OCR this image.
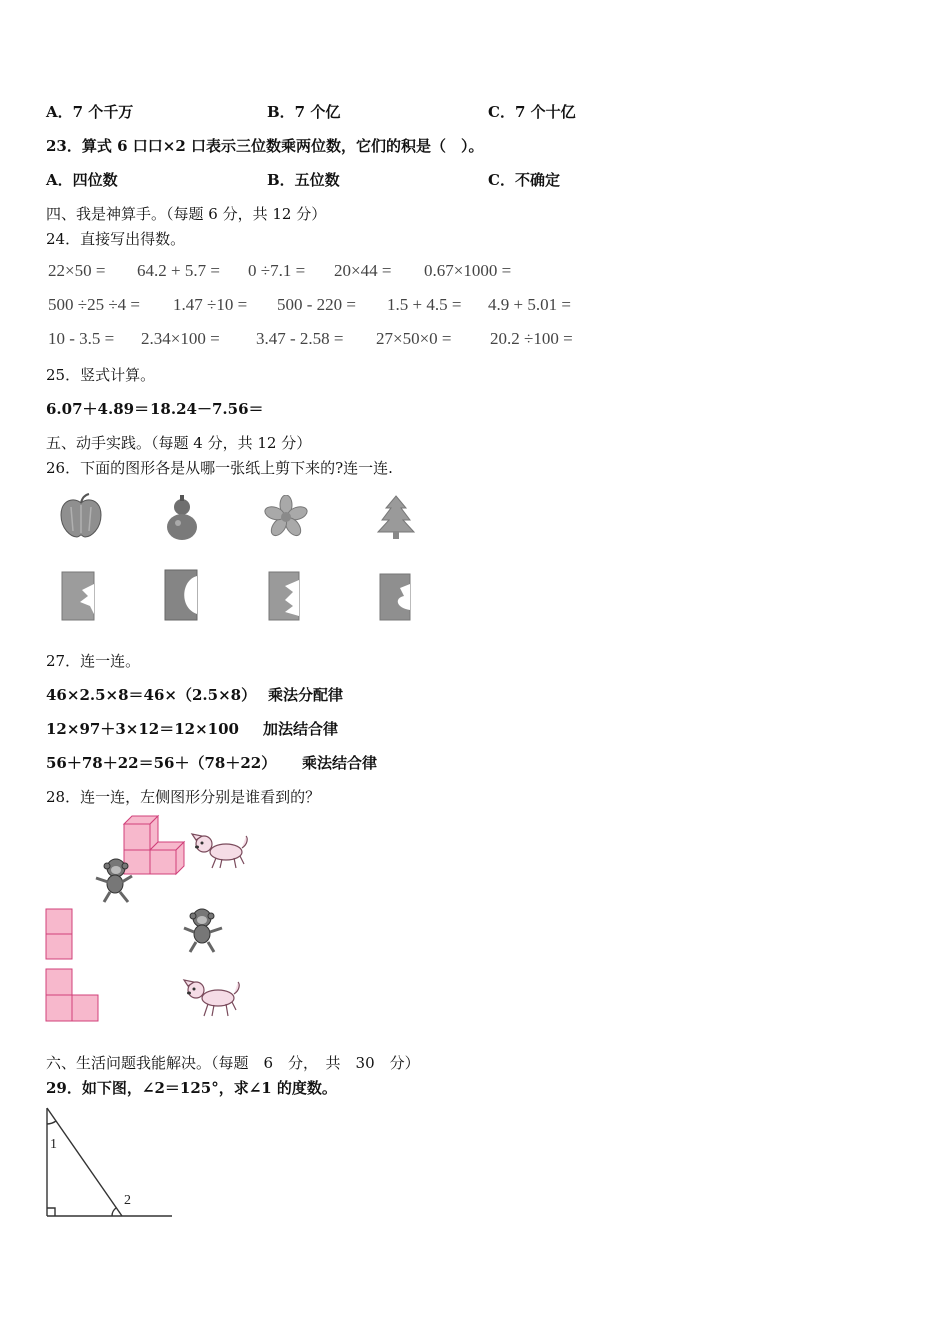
A．7 个千万	B．7 个亿	C．7 个十亿
23．算式 6 口口×2 口表示三位数乘两位数，它们的积是（　）。
A．四位数	B．五位数	C．不确定
四、我是神算手。（每题 6 分，共 12 分）
24．直接写出得数。
22×50 = 64.2 + 5.7 = 0 ÷7.1 = 20×44 = 0.67×1000 =
500 ÷25 ÷4 = 1.47 ÷10 = 500 - 220 = 1.5 + 4.5 = 4.9 + 5.01 =
10 - 3.5 = 2.34×100 = 3.47 - 2.58 = 27×50×0 = 20.2 ÷100 =
25．竖式计算。
6.07＋4.89＝ 18.24－7.56＝
五、动手实践。（每题 4 分，共 12 分）
26．下面的图形各是从哪一张纸上剪下来的?连一连.
27．连一连。
46×2.5×8＝46×（2.5×8） 乘法分配律
12×97＋3×12＝12×100 加法结合律
56＋78＋22＝56＋（78＋22） 乘法结合律
28．连一连，左侧图形分别是谁看到的？
六、生活问题我能解决。（每题　6　分，　共　30　分）
29．如下图，∠2＝125°，求∠1 的度数。
1
2
